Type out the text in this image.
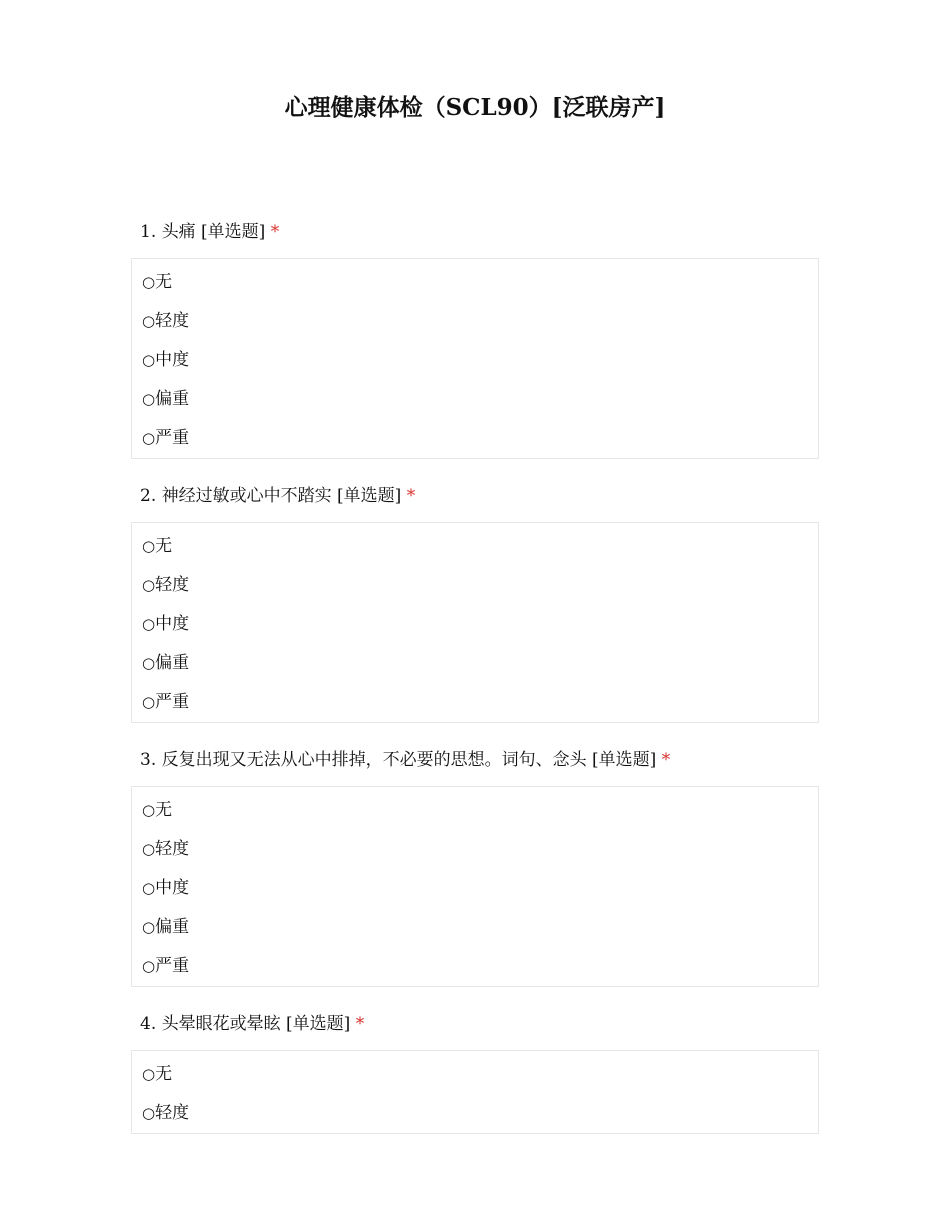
心理健康体检（SCL90）[泛联房产]
1. 头痛 [单选题] *
○无
○轻度
○中度
○偏重
○严重
2. 神经过敏或心中不踏实 [单选题] *
○无
○轻度
○中度
○偏重
○严重
3. 反复出现又无法从心中排掉，不必要的思想。词句、念头 [单选题] *
○无
○轻度
○中度
○偏重
○严重
4. 头晕眼花或晕眩 [单选题] *
○无
○轻度
